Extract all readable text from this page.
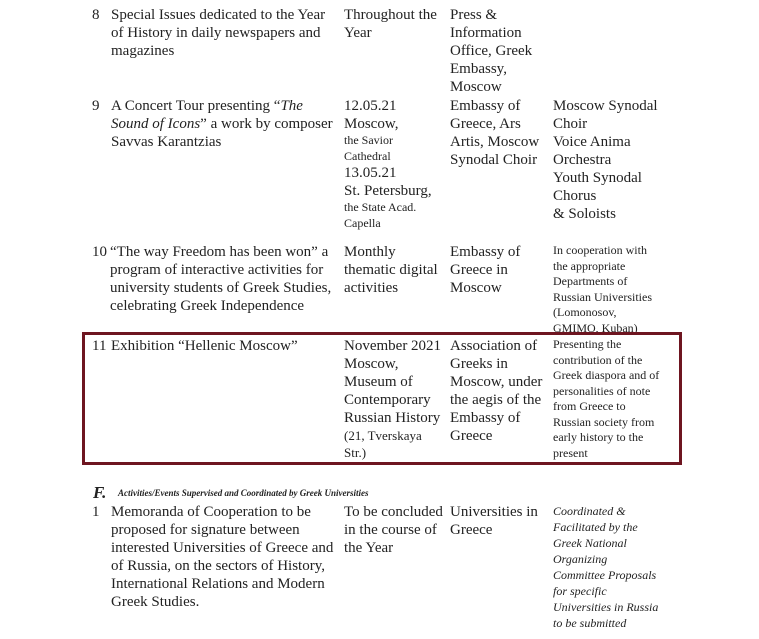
8 Special Issues dedicated to the Year
of History in daily newspapers and
magazines
Throughout the
Year
Press &
Information
Office, Greek
Embassy,
Moscow
9 A Concert Tour presenting “The
Sound of Icons” a work by composer
Savvas Karantzias
12.05.21
Moscow,
the Savior
Cathedral
13.05.21
St. Petersburg,
the State Acad.
Capella
Embassy of
Greece, Ars
Artis, Moscow
Synodal Choir
Moscow Synodal
Choir
Voice Anima
Orchestra
Youth Synodal
Chorus
& Soloists
10 “The way Freedom has been won” a
program of interactive activities for
university students of Greek Studies,
celebrating Greek Independence
Monthly
thematic digital
activities
Embassy of
Greece in
Moscow
In cooperation with
the appropriate
Departments of
Russian Universities
(Lomonosov,
GMIMO, Kuban)
11 Exhibition “Hellenic Moscow”	November 2021
Moscow,
Museum of
Contemporary
Russian History
(21, Tverskaya
Str.)
Association of
Greeks in
Moscow, under
the aegis of the
Embassy of
Greece
Presenting the
contribution of the
Greek diaspora and of
personalities of note
from Greece to
Russian society from
early history to the
present
F. Activities/Events Supervised and Coordinated by Greek Universities
1 Memoranda of Cooperation to be
proposed for signature between
interested Universities of Greece and
of Russia, on the sectors of History,
International Relations and Modern
Greek Studies.
To be concluded
in the course of
the Year
Universities in
Greece
Coordinated &
Facilitated by the
Greek National
Organizing
Committee Proposals
for specific
Universities in Russia
to be submitted
